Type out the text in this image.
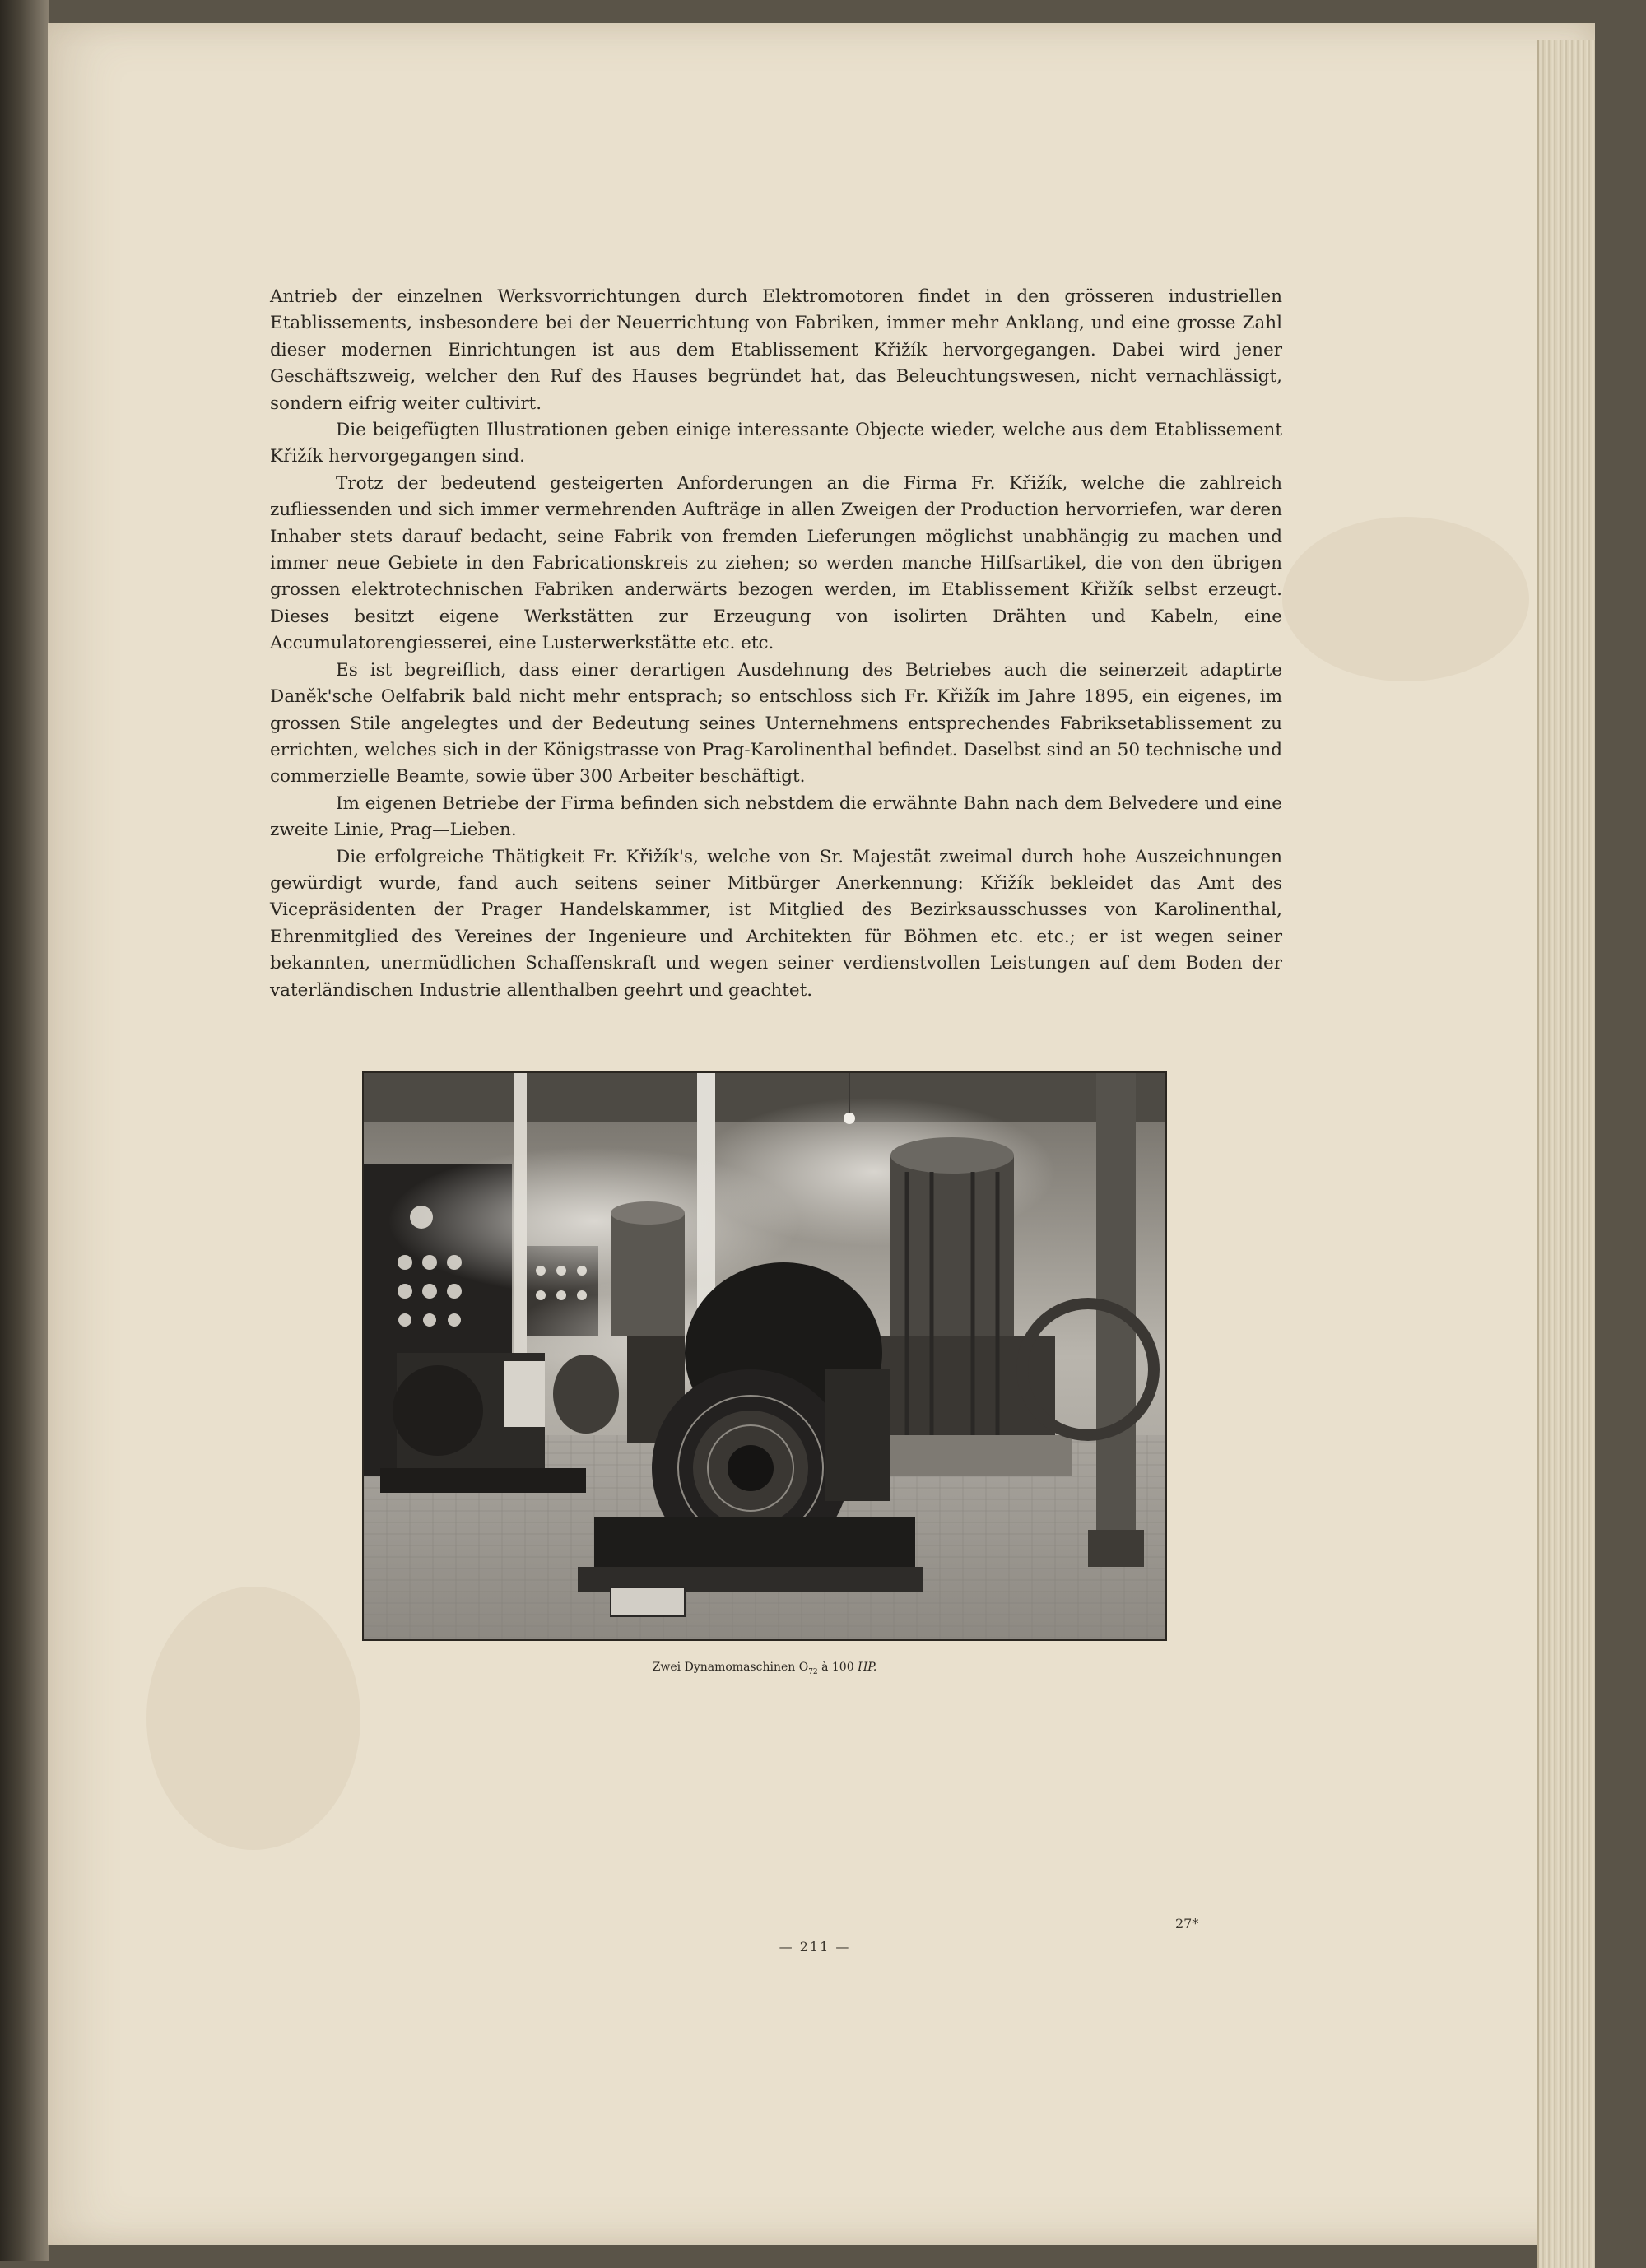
Antrieb der einzelnen Werksvorrichtungen durch Elektromotoren findet in den grösseren industriellen Etablissements, insbesondere bei der Neuerrichtung von Fabriken, immer mehr Anklang, und eine grosse Zahl dieser modernen Einrichtungen ist aus dem Etablissement Křižík hervorgegangen. Dabei wird jener Geschäftszweig, welcher den Ruf des Hauses begründet hat, das Beleuchtungswesen, nicht vernachlässigt, sondern eifrig weiter cultivirt.

Die beigefügten Illustrationen geben einige interessante Objecte wieder, welche aus dem Etablissement Křižík hervorgegangen sind.

Trotz der bedeutend gesteigerten Anforderungen an die Firma Fr. Křižík, welche die zahlreich zufliessenden und sich immer vermehrenden Aufträge in allen Zweigen der Production hervorriefen, war deren Inhaber stets darauf bedacht, seine Fabrik von fremden Lieferungen möglichst unabhängig zu machen und immer neue Gebiete in den Fabricationskreis zu ziehen; so werden manche Hilfsartikel, die von den übrigen grossen elektrotechnischen Fabriken anderwärts bezogen werden, im Etablissement Křižík selbst erzeugt. Dieses besitzt eigene Werkstätten zur Erzeugung von isolirten Drähten und Kabeln, eine Accumulatorengiesserei, eine Lusterwerkstätte etc. etc.

Es ist begreiflich, dass einer derartigen Ausdehnung des Betriebes auch die seinerzeit adaptirte Daněk'sche Oelfabrik bald nicht mehr entsprach; so entschloss sich Fr. Křižík im Jahre 1895, ein eigenes, im grossen Stile angelegtes und der Bedeutung seines Unternehmens entsprechendes Fabriksetablissement zu errichten, welches sich in der Königstrasse von Prag-Karolinenthal befindet. Daselbst sind an 50 technische und commerzielle Beamte, sowie über 300 Arbeiter beschäftigt.

Im eigenen Betriebe der Firma befinden sich nebstdem die erwähnte Bahn nach dem Belvedere und eine zweite Linie, Prag—Lieben.

Die erfolgreiche Thätigkeit Fr. Křižík's, welche von Sr. Majestät zweimal durch hohe Auszeichnungen gewürdigt wurde, fand auch seitens seiner Mitbürger Anerkennung: Křižík bekleidet das Amt des Vicepräsidenten der Prager Handelskammer, ist Mitglied des Bezirksausschusses von Karolinenthal, Ehrenmitglied des Vereines der Ingenieure und Architekten für Böhmen etc. etc.; er ist wegen seiner bekannten, unermüdlichen Schaffenskraft und wegen seiner verdienstvollen Leistungen auf dem Boden der vaterländischen Industrie allenthalben geehrt und geachtet.

Zwei Dynamomaschinen $O_{72}$ à 100 HP.
27*
— 211 —
